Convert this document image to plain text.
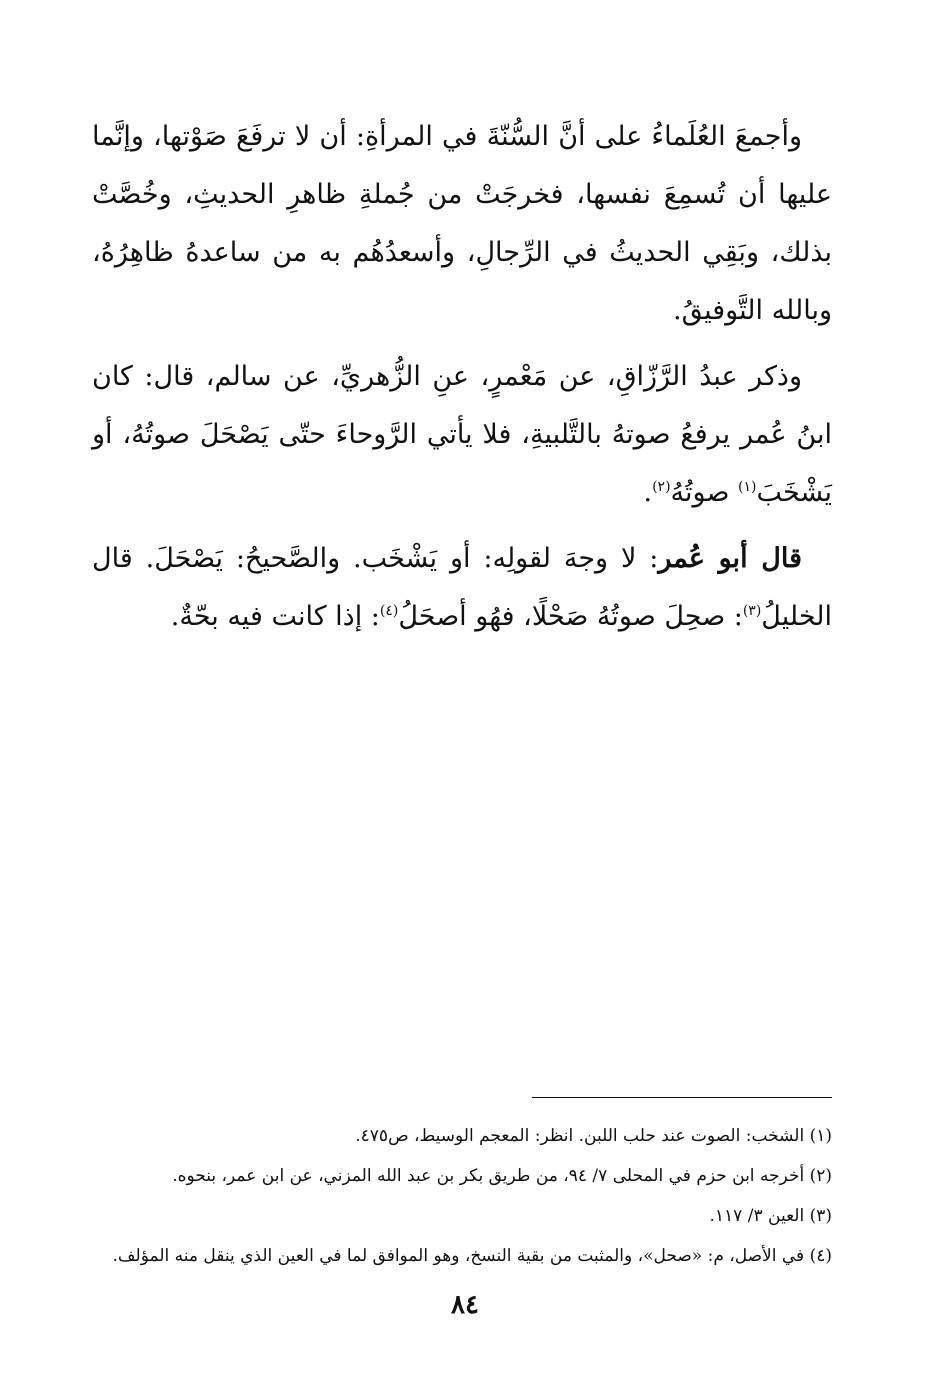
وأجمعَ العُلَماءُ على أنَّ السُّنّةَ في المرأةِ: أن لا ترفَعَ صَوْتها، وإنَّما عليها أن تُسمِعَ نفسها، فخرجَتْ من جُملةِ ظاهرِ الحديثِ، وخُصَّتْ بذلك، وبَقِي الحديثُ في الرِّجالِ، وأسعدُهُم به من ساعدهُ ظاهِرُهُ، وبالله التَّوفيقُ.

وذكر عبدُ الرَّزّاقِ، عن مَعْمرٍ، عنِ الزُّهريِّ، عن سالم، قال: كان ابنُ عُمر يرفعُ صوتهُ بالتَّلبيةِ، فلا يأتي الرَّوحاءَ حتّى يَصْحَلَ صوتُهُ، أو يَشْخَبَ$^{(١)}$ صوتُهُ$^{(٢)}$.

قال أبو عُمر: لا وجهَ لقولِه: أو يَشْخَب. والصَّحيحُ: يَصْحَلَ. قال الخليلُ$^{(٣)}$: صحِلَ صوتُهُ صَحْلًا، فهُو أصحَلُ$^{(٤)}$: إذا كانت فيه بحّةٌ.

(١) الشخب: الصوت عند حلب اللبن. انظر: المعجم الوسيط، ص٤٧٥.

(٢) أخرجه ابن حزم في المحلى ٧/ ٩٤، من طريق بكر بن عبد الله المزني، عن ابن عمر، بنحوه.

(٣) العين ٣/ ١١٧.

(٤) في الأصل، م: «صحل»، والمثبت من بقية النسخ، وهو الموافق لما في العين الذي ينقل منه المؤلف.

٨٤
